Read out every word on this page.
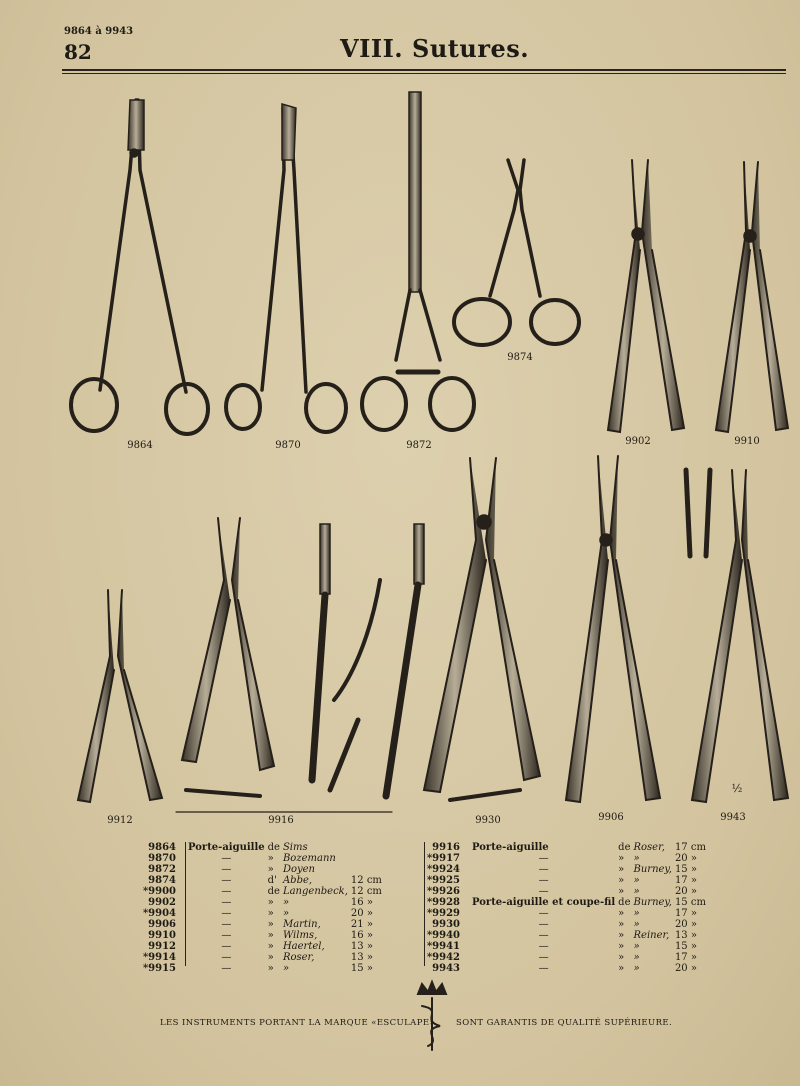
9864 à 9943
82	VIII. Sutures.
9864	9870	9872
9874
9902	9910
9912	9916	9930	9906	9943
½
9864	Porte-aiguille	de	Sims	
9870	—	»	Bozemann	
9872	—	»	Doyen	
9874	—	d'	Abbe,	12 cm
*9900	—	de	Langenbeck,	12 cm
9902	—	»	»	16 »
*9904	—	»	»	20 »
9906	—	»	Martin,	21 »
9910	—	»	Wilms,	16 »
9912	—	»	Haertel,	13 »
*9914	—	»	Roser,	13 »
*9915	—	»	»	15 »
9916	Porte-aiguille	de	Roser,	17 cm
*9917	—	»	»	20 »
*9924	—	»	Burney,	15 »
*9925	—	»	»	17 »
*9926	—	»	»	20 »
*9928	Porte-aiguille et coupe-fil	de	Burney,	15 cm
*9929	—	»	»	17 »
9930	—	»	»	20 »
*9940	—	»	Reiner,	13 »
*9941	—	»	»	15 »
*9942	—	»	»	17 »
9943	—	»	»	20 »
LES INSTRUMENTS PORTANT LA MARQUE «ESCULAPE» SONT GARANTIS DE QUALITÉ SUPÉRIEURE.
